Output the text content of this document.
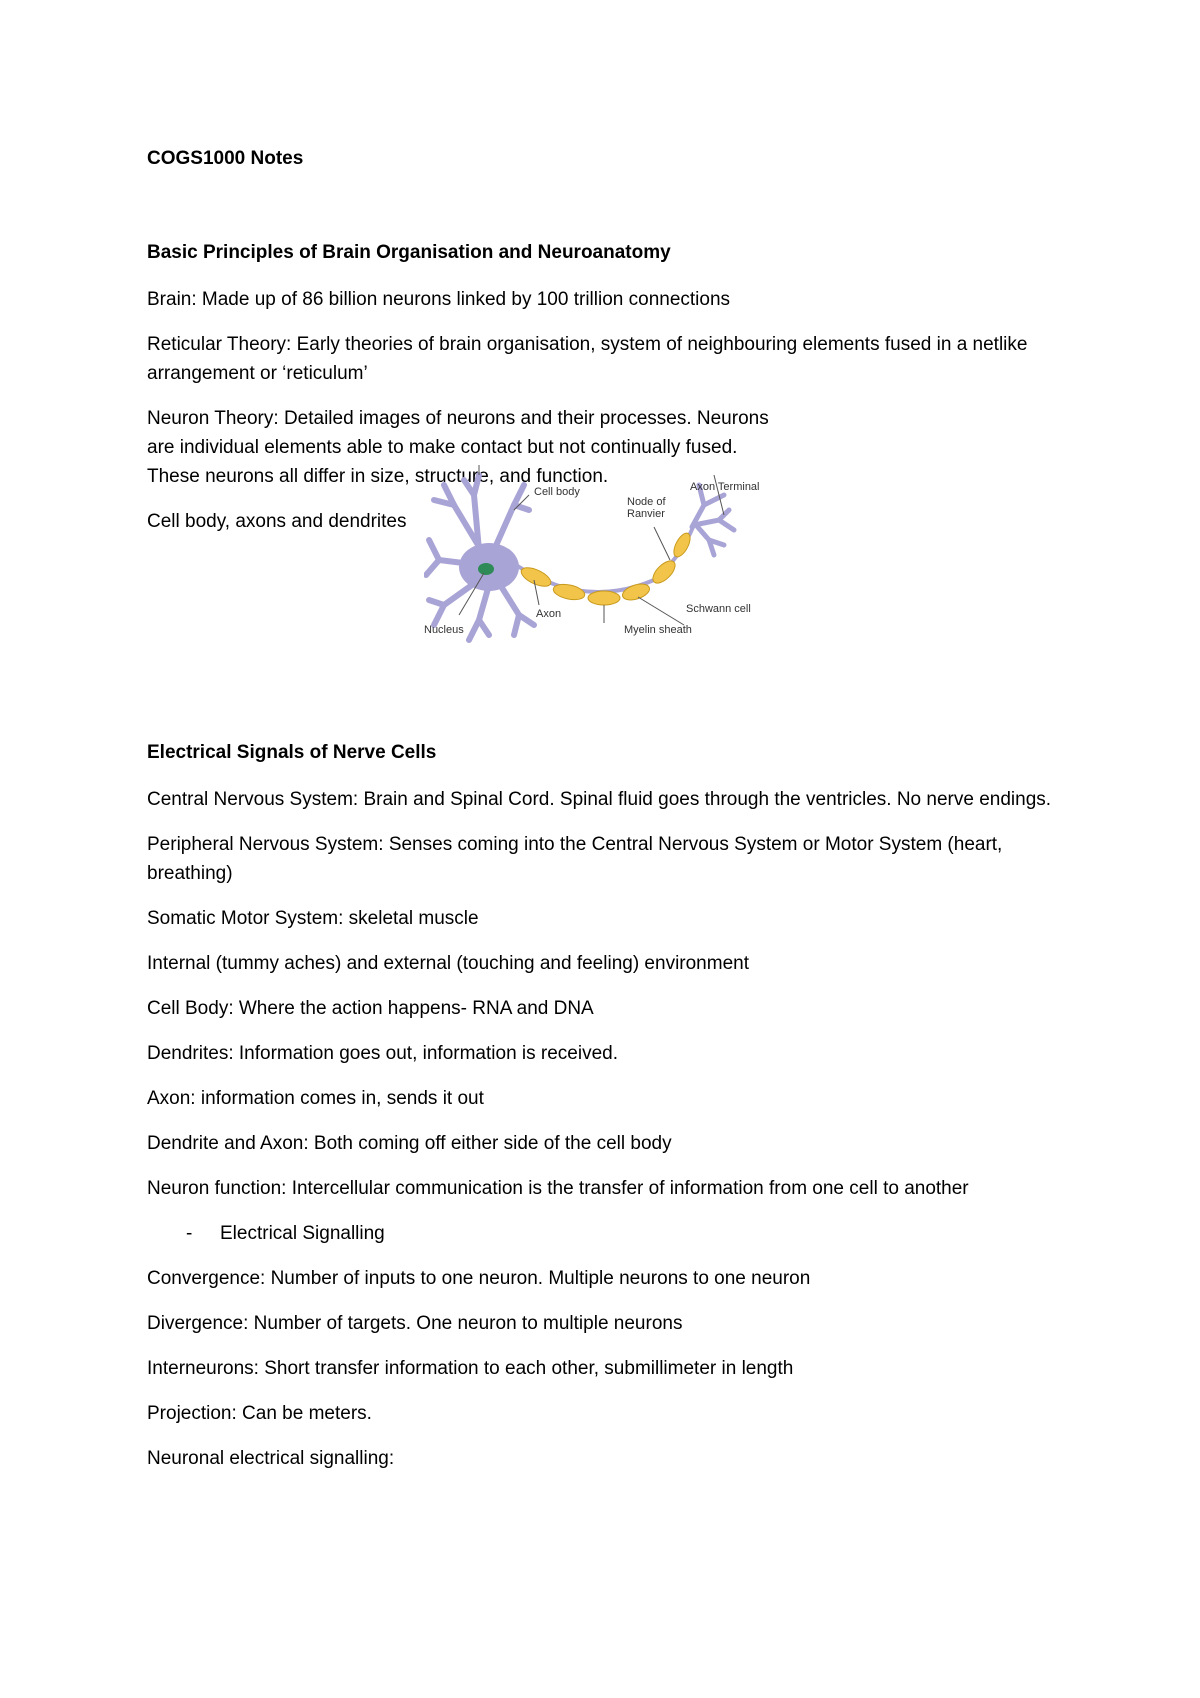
COGS1000 Notes
Basic Principles of Brain Organisation and Neuroanatomy

Brain: Made up of 86 billion neurons linked by 100 trillion connections

Reticular Theory: Early theories of brain organisation, system of neighbouring elements fused in a netlike arrangement or ‘reticulum’

Neuron Theory: Detailed images of neurons and their processes. Neurons are individual elements able to make contact but not continually fused. These neurons all differ in size, structure, and function.

Cell body, axons and dendrites

Cell body
Nucleus
Axon
Node of
Ranvier
Axon Terminal
Schwann cell
Myelin sheath
Electrical Signals of Nerve Cells

Central Nervous System: Brain and Spinal Cord. Spinal fluid goes through the ventricles. No nerve endings.

Peripheral Nervous System: Senses coming into the Central Nervous System or Motor System (heart, breathing)

Somatic Motor System: skeletal muscle

Internal (tummy aches) and external (touching and feeling) environment

Cell Body: Where the action happens- RNA and DNA

Dendrites: Information goes out, information is received.

Axon: information comes in, sends it out

Dendrite and Axon: Both coming off either side of the cell body

Neuron function: Intercellular communication is the transfer of information from one cell to another

- Electrical Signalling

Convergence: Number of inputs to one neuron. Multiple neurons to one neuron

Divergence: Number of targets. One neuron to multiple neurons

Interneurons: Short transfer information to each other, submillimeter in length

Projection: Can be meters.

Neuronal electrical signalling:
